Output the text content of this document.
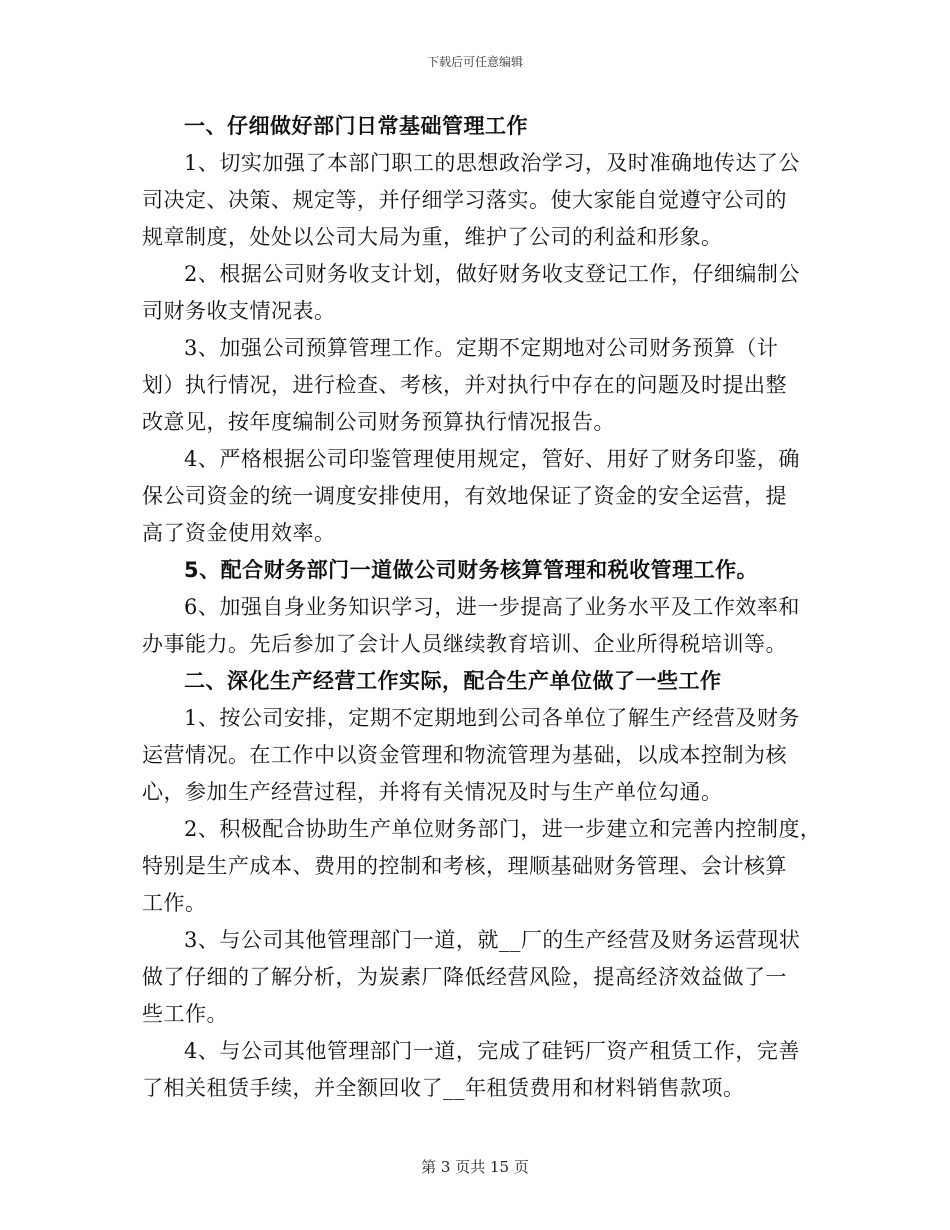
下载后可任意编辑
一、仔细做好部门日常基础管理工作
1、切实加强了本部门职工的思想政治学习，及时准确地传达了公
司决定、决策、规定等，并仔细学习落实。使大家能自觉遵守公司的
规章制度，处处以公司大局为重，维护了公司的利益和形象。
2、根据公司财务收支计划，做好财务收支登记工作，仔细编制公
司财务收支情况表。
3、加强公司预算管理工作。定期不定期地对公司财务预算（计
划）执行情况，进行检查、考核，并对执行中存在的问题及时提出整
改意见，按年度编制公司财务预算执行情况报告。
4、严格根据公司印鉴管理使用规定，管好、用好了财务印鉴，确
保公司资金的统一调度安排使用，有效地保证了资金的安全运营，提
高了资金使用效率。
5、配合财务部门一道做公司财务核算管理和税收管理工作。
6、加强自身业务知识学习，进一步提高了业务水平及工作效率和
办事能力。先后参加了会计人员继续教育培训、企业所得税培训等。
二、深化生产经营工作实际，配合生产单位做了一些工作
1、按公司安排，定期不定期地到公司各单位了解生产经营及财务
运营情况。在工作中以资金管理和物流管理为基础，以成本控制为核
心，参加生产经营过程，并将有关情况及时与生产单位勾通。
2、积极配合协助生产单位财务部门，进一步建立和完善内控制度，
特别是生产成本、费用的控制和考核，理顺基础财务管理、会计核算
工作。
3、与公司其他管理部门一道，就__厂的生产经营及财务运营现状
做了仔细的了解分析，为炭素厂降低经营风险，提高经济效益做了一
些工作。
4、与公司其他管理部门一道，完成了硅钙厂资产租赁工作，完善
了相关租赁手续，并全额回收了__年租赁费用和材料销售款项。
第 3 页共 15 页
